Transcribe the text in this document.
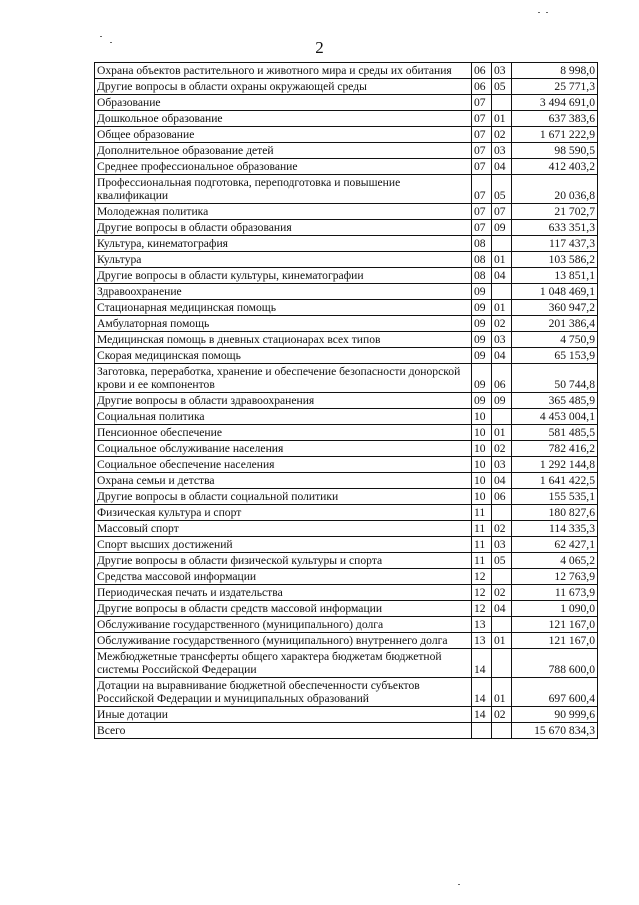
2
Охрана объектов растительного и животного мира и среды их обитания	06	03	8 998,0
Другие вопросы в области охраны окружающей среды	06	05	25 771,3
Образование	07		3 494 691,0
Дошкольное образование	07	01	637 383,6
Общее образование	07	02	1 671 222,9
Дополнительное образование детей	07	03	98 590,5
Среднее профессиональное образование	07	04	412 403,2
Профессиональная подготовка, переподготовка и повышение квалификации	07	05	20 036,8
Молодежная политика	07	07	21 702,7
Другие вопросы в области образования	07	09	633 351,3
Культура, кинематография	08		117 437,3
Культура	08	01	103 586,2
Другие вопросы в области культуры, кинематографии	08	04	13 851,1
Здравоохранение	09		1 048 469,1
Стационарная медицинская помощь	09	01	360 947,2
Амбулаторная помощь	09	02	201 386,4
Медицинская помощь в дневных стационарах всех типов	09	03	4 750,9
Скорая медицинская помощь	09	04	65 153,9
Заготовка, переработка, хранение и обеспечение безопасности донорской крови и ее компонентов	09	06	50 744,8
Другие вопросы в области здравоохранения	09	09	365 485,9
Социальная политика	10		4 453 004,1
Пенсионное обеспечение	10	01	581 485,5
Социальное обслуживание населения	10	02	782 416,2
Социальное обеспечение населения	10	03	1 292 144,8
Охрана семьи и детства	10	04	1 641 422,5
Другие вопросы в области социальной политики	10	06	155 535,1
Физическая культура и спорт	11		180 827,6
Массовый спорт	11	02	114 335,3
Спорт высших достижений	11	03	62 427,1
Другие вопросы в области физической культуры и спорта	11	05	4 065,2
Средства массовой информации	12		12 763,9
Периодическая печать и издательства	12	02	11 673,9
Другие вопросы в области средств массовой информации	12	04	1 090,0
Обслуживание государственного (муниципального) долга	13		121 167,0
Обслуживание государственного (муниципального) внутреннего долга	13	01	121 167,0
Межбюджетные трансферты общего характера бюджетам бюджетной системы Российской Федерации	14		788 600,0
Дотации на выравнивание бюджетной обеспеченности субъектов Российской Федерации и муниципальных образований	14	01	697 600,4
Иные дотации	14	02	90 999,6
Всего			15 670 834,3
